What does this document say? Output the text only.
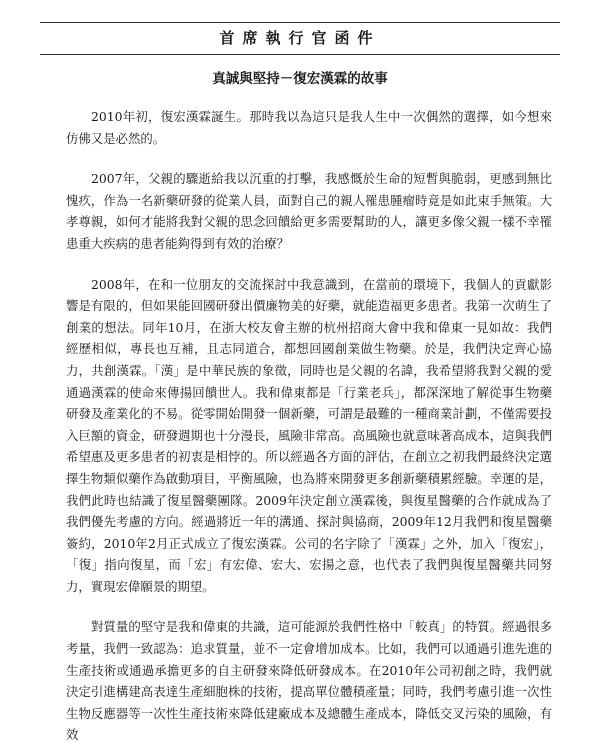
首席執行官函件
真誠與堅持－復宏漢霖的故事

2010年初，復宏漢霖誕生。那時我以為這只是我人生中一次偶然的選擇，如今想來仿佛又是必然的。

2007年，父親的驟逝給我以沉重的打擊，我感慨於生命的短暫與脆弱，更感到無比愧疚，作為一名新藥研發的從業人員，面對自己的親人罹患腫瘤時竟是如此束手無策。大孝尊親，如何才能將我對父親的思念回饋給更多需要幫助的人，讓更多像父親一樣不幸罹患重大疾病的患者能夠得到有效的治療？

2008年，在和一位朋友的交流探討中我意識到，在當前的環境下，我個人的貢獻影響是有限的，但如果能回國研發出價廉物美的好藥，就能造福更多患者。我第一次萌生了創業的想法。同年10月，在浙大校友會主辦的杭州招商大會中我和偉東一見如故：我們經歷相似，專長也互補，且志同道合，都想回國創業做生物藥。於是，我們決定齊心協力，共創漢霖。「漢」是中華民族的象徵，同時也是父親的名諱，我希望將我對父親的愛通過漢霖的使命來傳揚回饋世人。我和偉東都是「行業老兵」，都深深地了解從事生物藥研發及產業化的不易。從零開始開發一個新藥，可謂是最難的一種商業計劃，不僅需要投入巨額的資金，研發週期也十分漫長，風險非常高。高風險也就意味著高成本，這與我們希望惠及更多患者的初衷是相悖的。所以經過各方面的評估，在創立之初我們最終決定選擇生物類似藥作為啟動項目，平衡風險，也為將來開發更多創新藥積累經驗。幸運的是，我們此時也結識了復星醫藥團隊。2009年決定創立漢霖後，與復星醫藥的合作就成為了我們優先考慮的方向。經過將近一年的溝通、探討與協商，2009年12月我們和復星醫藥簽約，2010年2月正式成立了復宏漢霖。公司的名字除了「漢霖」之外，加入「復宏」，「復」指向復星，而「宏」有宏偉、宏大、宏揚之意，也代表了我們與復星醫藥共同努力，實現宏偉願景的期望。

對質量的堅守是我和偉東的共識，這可能源於我們性格中「較真」的特質。經過很多考量，我們一致認為：追求質量，並不一定會增加成本。比如，我們可以通過引進先進的生產技術或通過承擔更多的自主研發來降低研發成本。在2010年公司初創之時，我們就決定引進構建高表達生產細胞株的技術，提高單位體積產量；同時，我們考慮引進一次性生物反應器等一次性生產技術來降低建廠成本及總體生產成本，降低交叉污染的風險，有效
